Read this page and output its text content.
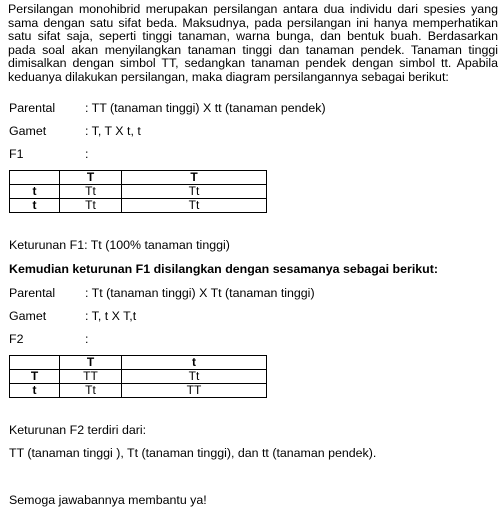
Persilangan monohibrid merupakan persilangan antara dua individu dari spesies yang sama dengan satu sifat beda. Maksudnya, pada persilangan ini hanya memperhatikan satu sifat saja, seperti tinggi tanaman, warna bunga, dan bentuk buah. Berdasarkan pada soal akan menyilangkan tanaman tinggi dan tanaman pendek. Tanaman tinggi dimisalkan dengan simbol TT, sedangkan tanaman pendek dengan simbol tt. Apabila keduanya dilakukan persilangan, maka diagram persilangannya sebagai berikut:

Parental : TT (tanaman tinggi) X tt (tanaman pendek)
Gamet	: T, T X t, t
F1	:
	T	T
t	Tt	Tt
t	Tt	Tt
Keturunan F1: Tt (100% tanaman tinggi)
Kemudian keturunan F1 disilangkan dengan sesamanya sebagai berikut:
Parental : Tt (tanaman tinggi) X Tt (tanaman tinggi)
Gamet	: T, t X T,t
F2	:
	T	t
T	TT	Tt
t	Tt	TT
Keturunan F2 terdiri dari:
TT (tanaman tinggi ), Tt (tanaman tinggi), dan tt (tanaman pendek).
Semoga jawabannya membantu ya!
